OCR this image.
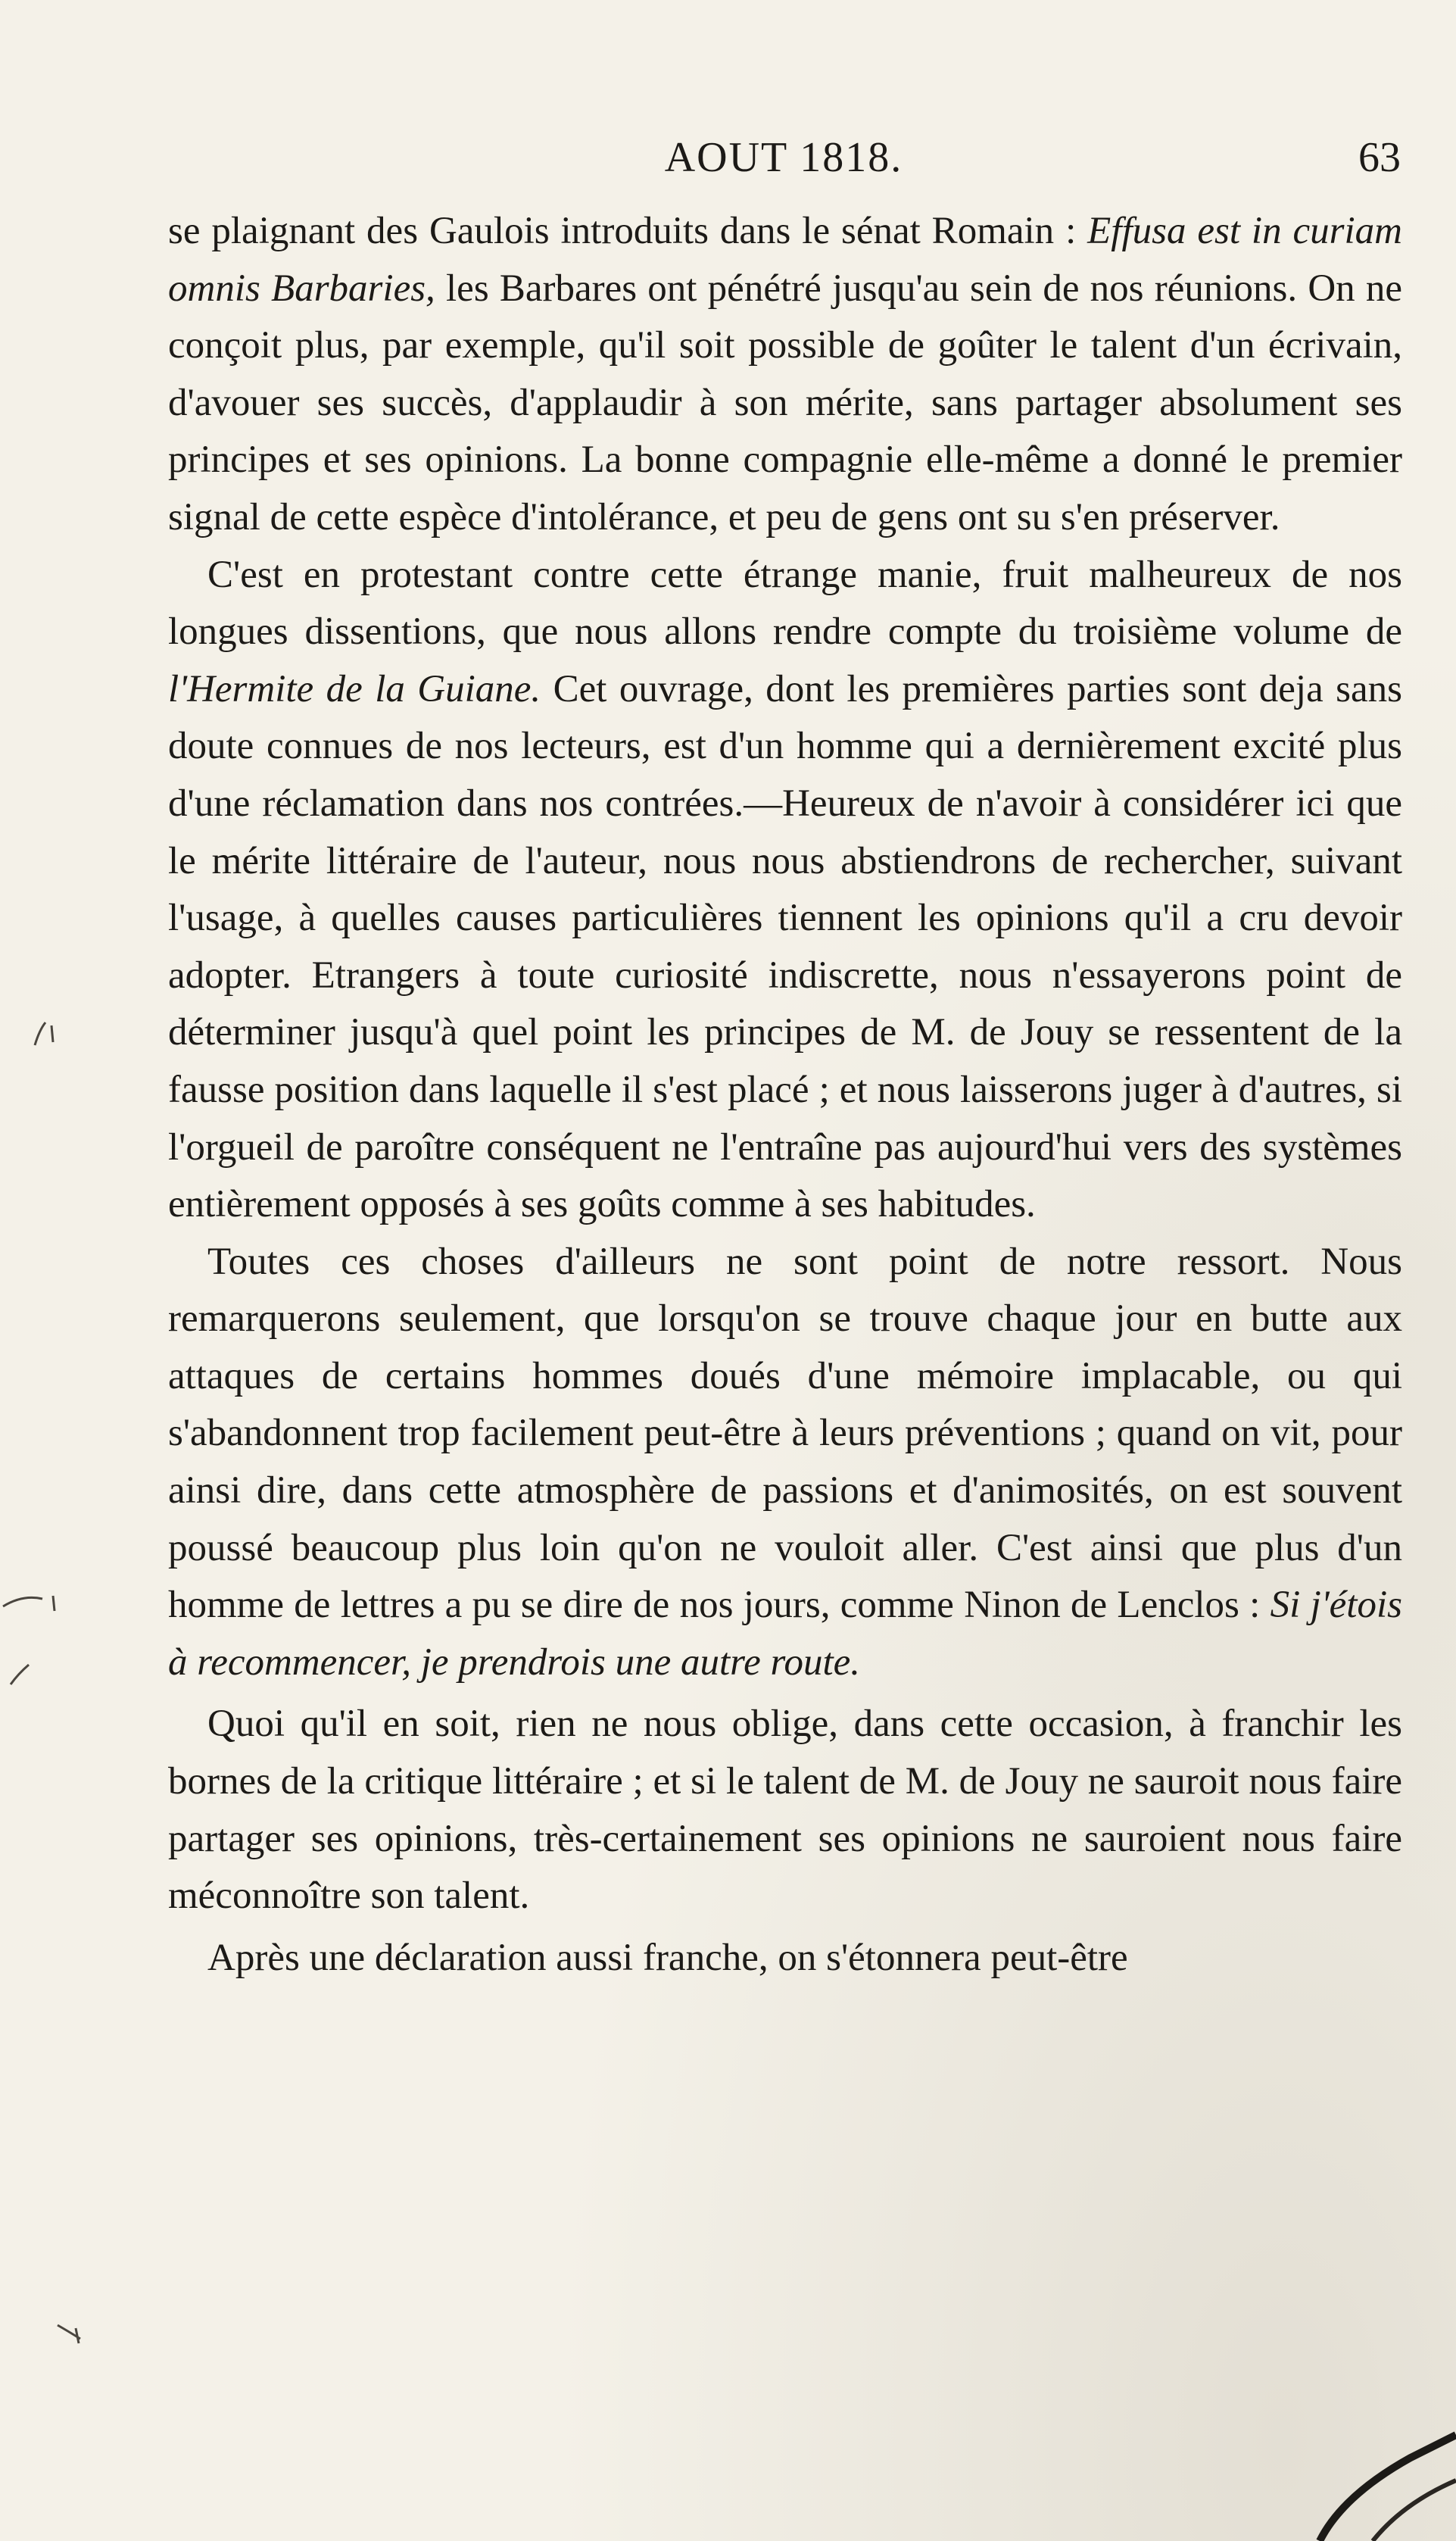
AOUT 1818.	63

se plaignant des Gaulois introduits dans le sénat Romain : Effusa est in curiam omnis Barbaries, les Barbares ont pénétré jusqu'au sein de nos réunions. On ne conçoit plus, par exemple, qu'il soit possible de goûter le talent d'un écrivain, d'avouer ses succès, d'applaudir à son mérite, sans partager absolument ses principes et ses opinions. La bonne compagnie elle-même a donné le premier signal de cette espèce d'intolérance, et peu de gens ont su s'en préserver.

C'est en protestant contre cette étrange manie, fruit malheureux de nos longues dissentions, que nous allons rendre compte du troisième volume de l'Hermite de la Guiane. Cet ouvrage, dont les premières parties sont deja sans doute connues de nos lecteurs, est d'un homme qui a dernièrement excité plus d'une réclamation dans nos contrées.—Heureux de n'avoir à considérer ici que le mérite littéraire de l'auteur, nous nous abstiendrons de rechercher, suivant l'usage, à quelles causes particulières tiennent les opinions qu'il a cru devoir adopter. Etrangers à toute curiosité indiscrette, nous n'essayerons point de déterminer jusqu'à quel point les principes de M. de Jouy se ressentent de la fausse position dans laquelle il s'est placé ; et nous laisserons juger à d'autres, si l'orgueil de paroître conséquent ne l'entraîne pas aujourd'hui vers des systèmes entièrement opposés à ses goûts comme à ses habitudes.

Toutes ces choses d'ailleurs ne sont point de notre ressort. Nous remarquerons seulement, que lorsqu'on se trouve chaque jour en butte aux attaques de certains hommes doués d'une mémoire implacable, ou qui s'abandonnent trop facilement peut-être à leurs préventions ; quand on vit, pour ainsi dire, dans cette atmosphère de passions et d'animosités, on est souvent poussé beaucoup plus loin qu'on ne vouloit aller. C'est ainsi que plus d'un homme de lettres a pu se dire de nos jours, comme Ninon de Lenclos : Si j'étois à recommencer, je prendrois une autre route.

Quoi qu'il en soit, rien ne nous oblige, dans cette occasion, à franchir les bornes de la critique littéraire ; et si le talent de M. de Jouy ne sauroit nous faire partager ses opinions, très-certainement ses opinions ne sauroient nous faire méconnoître son talent.

Après une déclaration aussi franche, on s'étonnera peut-être
